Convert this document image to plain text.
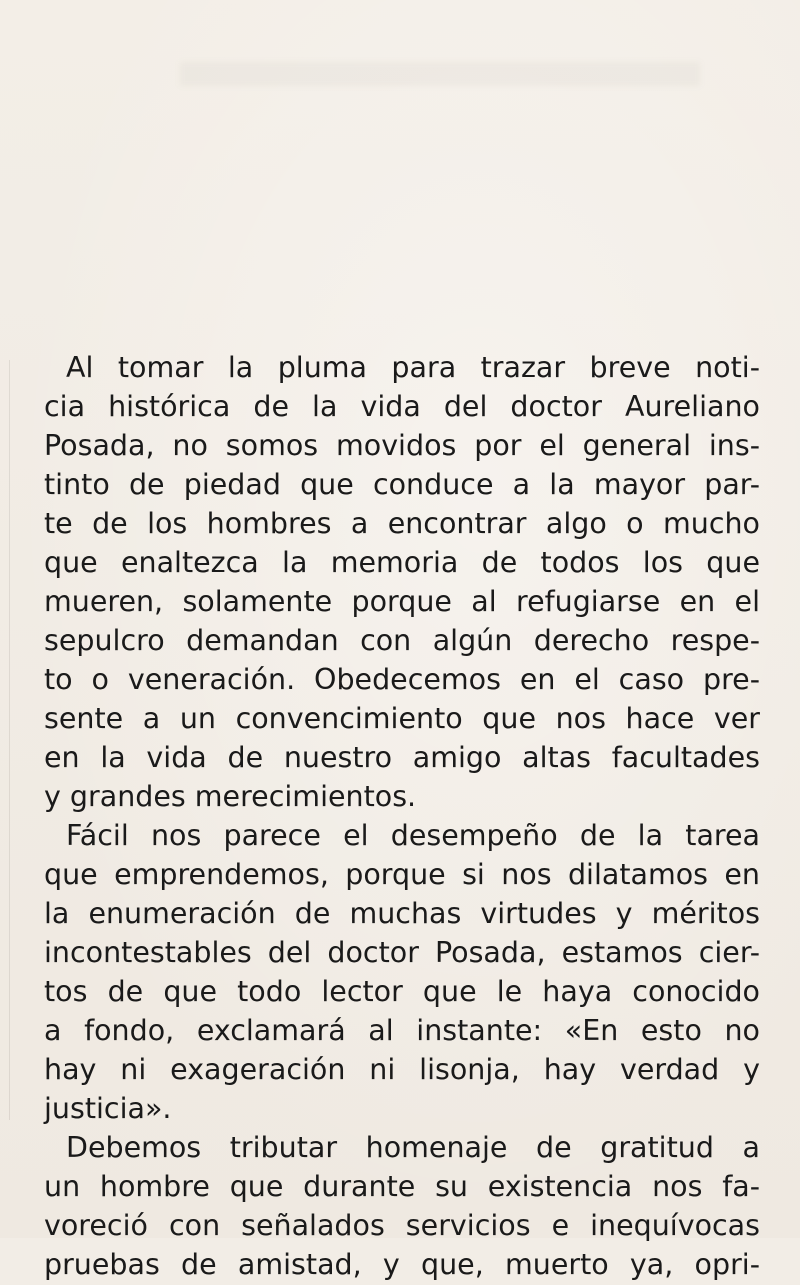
Al tomar la pluma para trazar breve noti-
cia histórica de la vida del doctor Aureliano
Posada, no somos movidos por el general ins-
tinto de piedad que conduce a la mayor par-
te de los hombres a encontrar algo o mucho
que enaltezca la memoria de todos los que
mueren, solamente porque al refugiarse en el
sepulcro demandan con algún derecho respe-
to o veneración. Obedecemos en el caso pre-
sente a un convencimiento que nos hace ver
en la vida de nuestro amigo altas facultades
y grandes merecimientos.
Fácil nos parece el desempeño de la tarea
que emprendemos, porque si nos dilatamos en
la enumeración de muchas virtudes y méritos
incontestables del doctor Posada, estamos cier-
tos de que todo lector que le haya conocido
a fondo, exclamará al instante: «En esto no
hay ni exageración ni lisonja, hay verdad y
justicia».
Debemos tributar homenaje de gratitud a
un hombre que durante su existencia nos fa-
voreció con señalados servicios e inequívocas
pruebas de amistad, y que, muerto ya, opri-
